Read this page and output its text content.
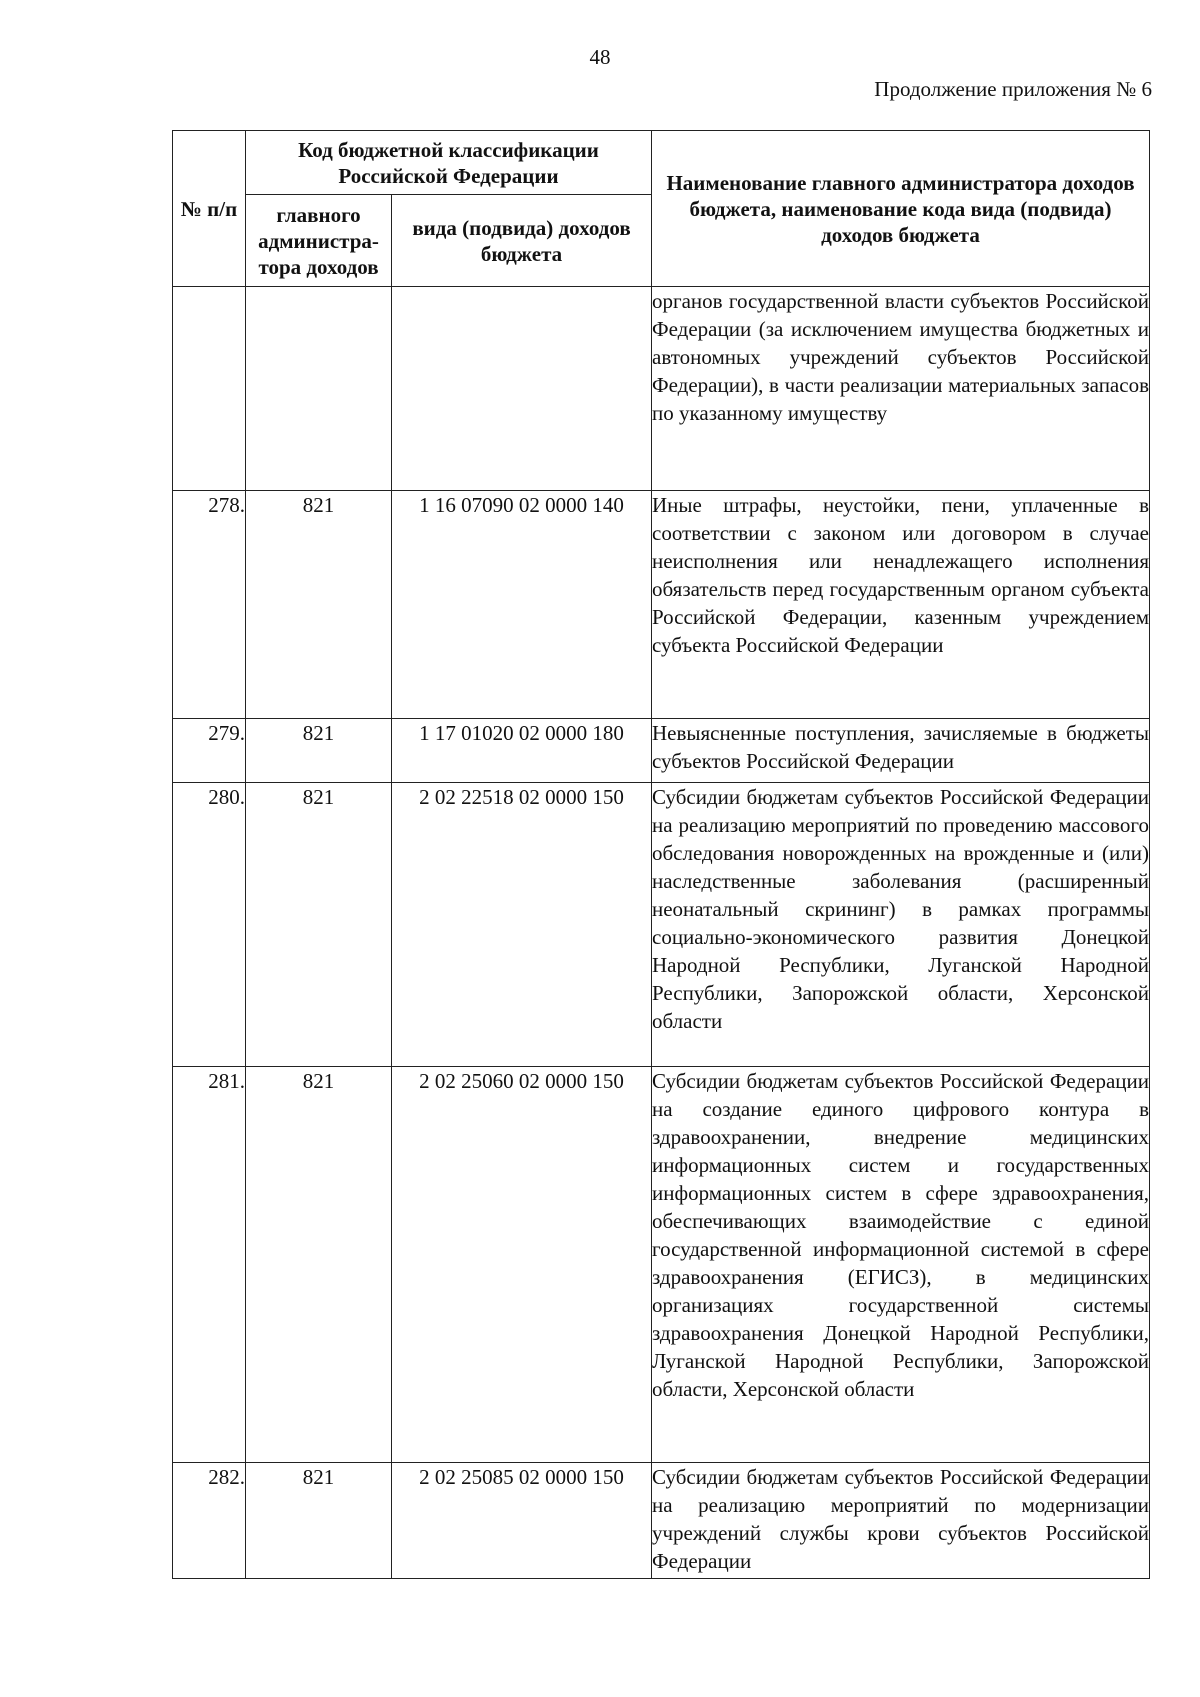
48
Продолжение приложения № 6
№ п/п	Код бюджетной классификации Российской Федерации		Наименование главного администратора доходов бюджета, наименование кода вида (подвида) доходов бюджета
	главного администра-тора доходов	вида (подвида) доходов бюджета	
			органов государственной власти субъектов Российской Федерации (за исключением имущества бюджетных и автономных учреждений субъектов Российской Федерации), в части реализации материальных запасов по указанному имуществу
278.	821	1 16 07090 02 0000 140	Иные штрафы, неустойки, пени, уплаченные в соответствии с законом или договором в случае неисполнения или ненадлежащего исполнения обязательств перед государственным органом субъекта Российской Федерации, казенным учреждением субъекта Российской Федерации
279.	821	1 17 01020 02 0000 180	Невыясненные поступления, зачисляемые в бюджеты субъектов Российской Федерации
280.	821	2 02 22518 02 0000 150	Субсидии бюджетам субъектов Российской Федерации на реализацию мероприятий по проведению массового обследования новорожденных на врожденные и (или) наследственные заболевания (расширенный неонатальный скрининг) в рамках программы социально-экономического развития Донецкой Народной Республики, Луганской Народной Республики, Запорожской области, Херсонской области
281.	821	2 02 25060 02 0000 150	Субсидии бюджетам субъектов Российской Федерации на создание единого цифрового контура в здравоохранении, внедрение медицинских информационных систем и государственных информационных систем в сфере здравоохранения, обеспечивающих взаимодействие с единой государственной информационной системой в сфере здравоохранения (ЕГИСЗ), в медицинских организациях государственной системы здравоохранения Донецкой Народной Республики, Луганской Народной Республики, Запорожской области, Херсонской области
282.	821	2 02 25085 02 0000 150	Субсидии бюджетам субъектов Российской Федерации на реализацию мероприятий по модернизации учреждений службы крови субъектов Российской Федерации
